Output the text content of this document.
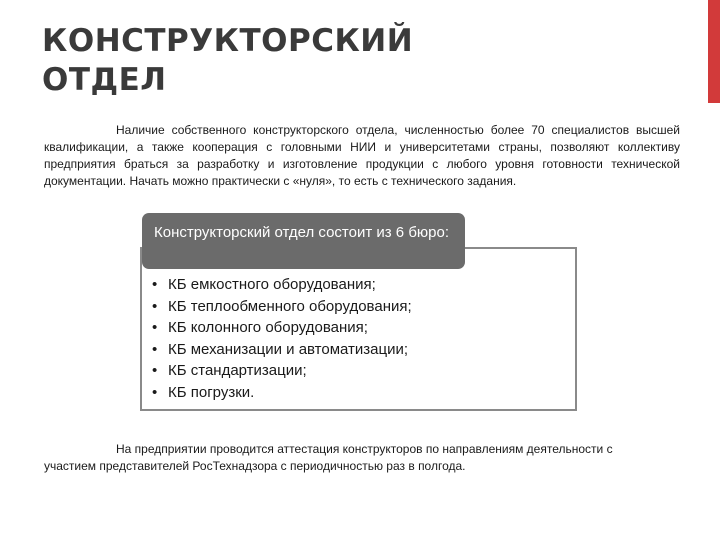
КОНСТРУКТОРСКИЙ
ОТДЕЛ

Наличие собственного конструкторского отдела, численностью более 70 специалистов высшей квалификации, а также кооперация с головными НИИ и университетами страны, позволяют коллективу предприятия браться за разработку и изготовление продукции с любого уровня готовности технической документации. Начать можно практически с «нуля», то есть с технического задания.

Конструкторский отдел состоит из 6 бюро:
• КБ емкостного оборудования;
• КБ теплообменного оборудования;
• КБ колонного оборудования;
• КБ механизации и автоматизации;
• КБ стандартизации;
• КБ погрузки.

На предприятии проводится аттестация конструкторов по направлениям деятельности с участием представителей РосТехнадзора с периодичностью раз в полгода.
